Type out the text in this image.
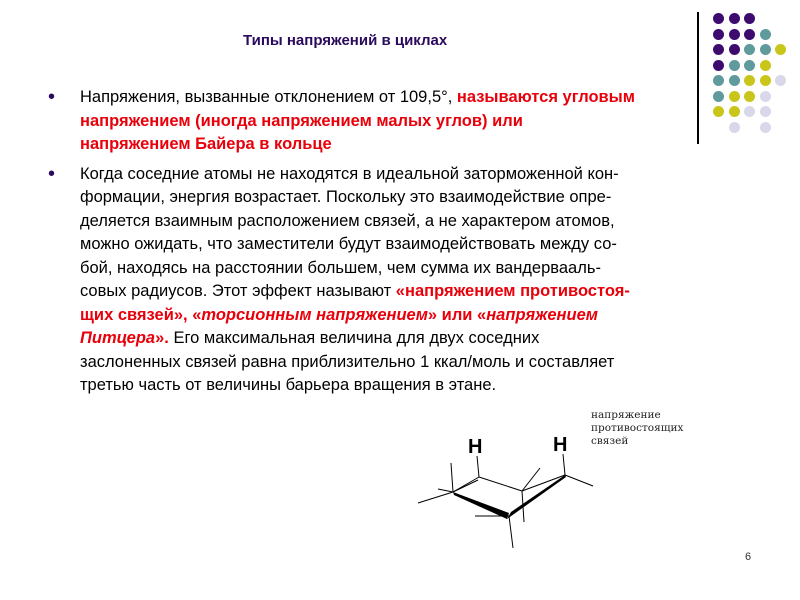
Типы напряжений в циклах
• Напряжения, вызванные отклонением от 109,5°, называются угловым
напряжением (иногда напряжением малых углов) или
напряжением Байера в кольце
• Когда соседние атомы не находятся в идеальной заторможенной кон-
формации, энергия возрастает. Поскольку это взаимодействие опре-
деляется взаимным расположением связей, а не характером атомов,
можно ожидать, что заместители будут взаимодействовать между со-
бой, находясь на расстоянии большем, чем сумма их вандервааль-
совых радиусов. Этот эффект называют «напряжением противостоя-
щих связей», «торсионным напряжением» или «напряжением
Питцера». Его максимальная величина для двух соседних
заслоненных связей равна приблизительно 1 ккал/моль и составляет
третью часть от величины барьера вращения в этане.
напряжение
противостоящих
связей
H	H
6
